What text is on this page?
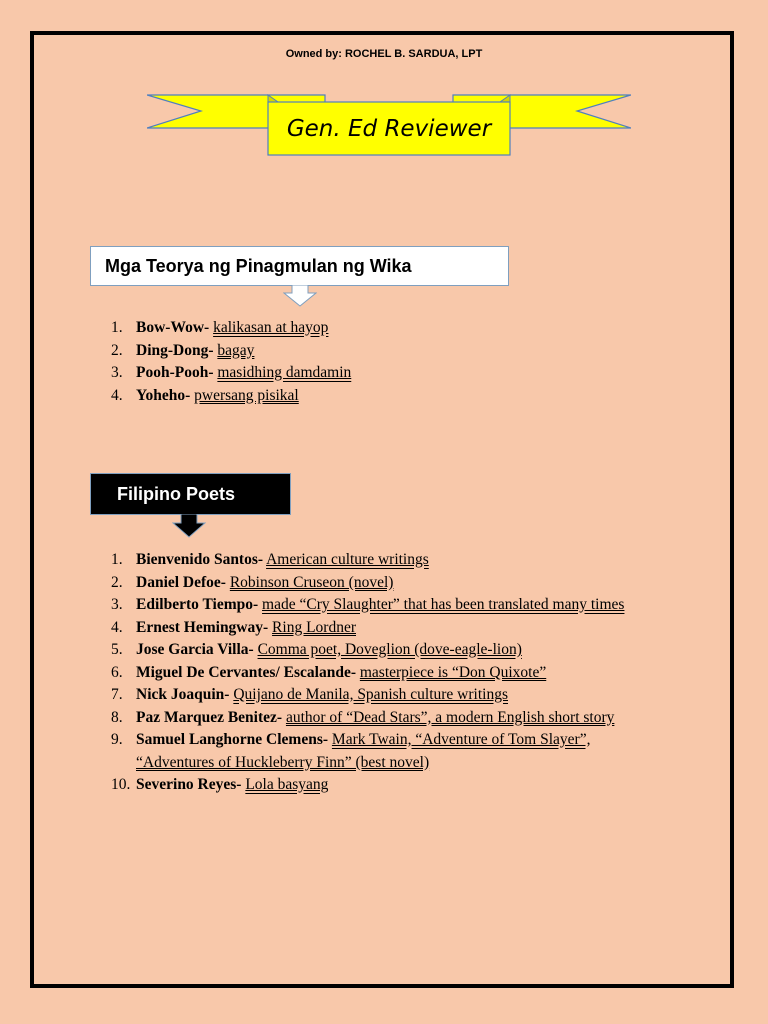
Owned by: ROCHEL B. SARDUA, LPT
Gen. Ed Reviewer
Mga Teorya ng Pinagmulan ng Wika
1. Bow-Wow- kalikasan at hayop
2. Ding-Dong- bagay
3. Pooh-Pooh- masidhing damdamin
4. Yoheho- pwersang pisikal
Filipino Poets
1. Bienvenido Santos- American culture writings
2. Daniel Defoe- Robinson Cruseon (novel)
3. Edilberto Tiempo- made “Cry Slaughter” that has been translated many times
4. Ernest Hemingway- Ring Lordner
5. Jose Garcia Villa- Comma poet, Doveglion (dove-eagle-lion)
6. Miguel De Cervantes/ Escalande- masterpiece is “Don Quixote”
7. Nick Joaquin- Quijano de Manila, Spanish culture writings
8. Paz Marquez Benitez- author of “Dead Stars”, a modern English short story
9. Samuel Langhorne Clemens- Mark Twain, “Adventure of Tom Slayer”, “Adventures of Huckleberry Finn” (best novel)
10. Severino Reyes- Lola basyang
